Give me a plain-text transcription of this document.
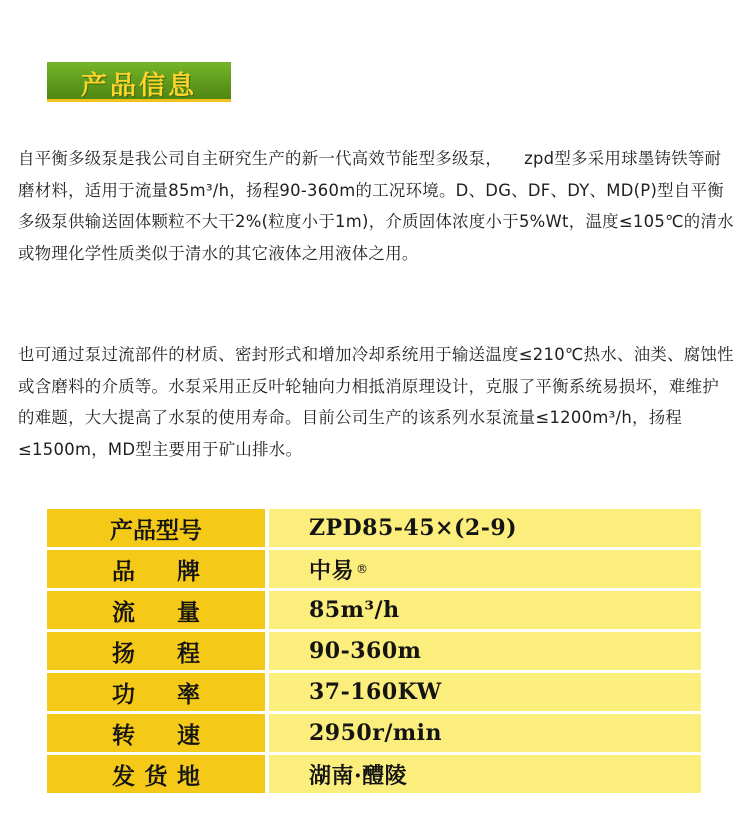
产品信息

自平衡多级泵是我公司自主研究生产的新一代高效节能型多级泵，    zpd型多采用球墨铸铁等耐磨材料，适用于流量85m³/h，扬程90-360m的工况环境。D、DG、DF、DY、MD(P)型自平衡多级泵供输送固体颗粒不大干2%(粒度小于1m)，介质固体浓度小于5%Wt，温度≤105℃的清水或物理化学性质类似于清水的其它液体之用液体之用。

也可通过泵过流部件的材质、密封形式和增加冷却系统用于输送温度≤210℃热水、油类、腐蚀性或含磨料的介质等。水泵采用正反叶轮轴向力相抵消原理设计，克服了平衡系统易损坏，难维护的难题，大大提高了水泵的使用寿命。目前公司生产的该系列水泵流量≤1200m³/h，扬程≤1500m，MD型主要用于矿山排水。

产品型号	ZPD85-45×(2-9)
品 牌	中易 ®
流 量	85m³/h
扬 程	90-360m
功 率	37-160KW
转 速	2950r/min
发 货 地	湖南·醴陵
